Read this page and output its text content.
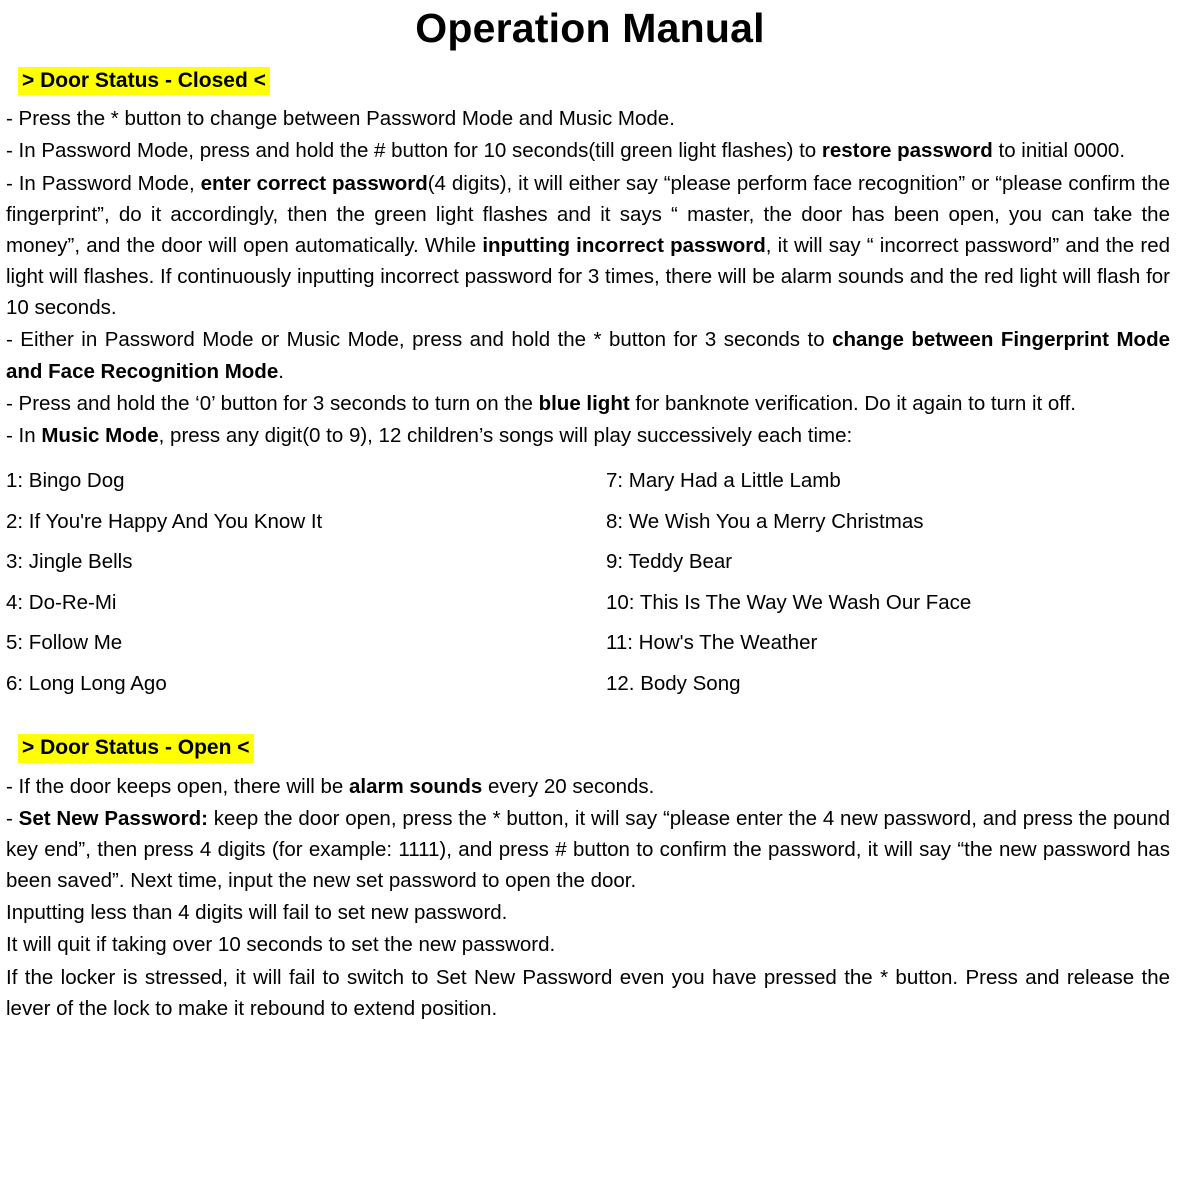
Operation Manual
> Door Status - Closed <

- Press the * button to change between Password Mode and Music Mode.

- In Password Mode, press and hold the # button for 10 seconds(till green light flashes) to restore password to initial 0000.

- In Password Mode, enter correct password(4 digits), it will either say “please perform face recognition” or “please confirm the fingerprint”, do it accordingly, then the green light flashes and it says “ master, the door has been open, you can take the money”, and the door will open automatically. While inputting incorrect password, it will say “ incorrect password” and the red light will flashes. If continuously inputting incorrect password for 3 times, there will be alarm sounds and the red light will flash for 10 seconds.

- Either in Password Mode or Music Mode, press and hold the * button for 3 seconds to change between Fingerprint Mode and Face Recognition Mode.

- Press and hold the ‘0’ button for 3 seconds to turn on the blue light for banknote verification. Do it again to turn it off.

- In Music Mode, press any digit(0 to 9), 12 children’s songs will play successively each time:

1: Bingo Dog
2: If You're Happy And You Know It
3: Jingle Bells
4: Do-Re-Mi
5: Follow Me
6: Long Long Ago
7: Mary Had a Little Lamb
8: We Wish You a Merry Christmas
9: Teddy Bear
10: This Is The Way We Wash Our Face
11: How's The Weather
12. Body Song
> Door Status - Open <

- If the door keeps open, there will be alarm sounds every 20 seconds.

- Set New Password: keep the door open, press the * button, it will say “please enter the 4 new password, and press the pound key end”, then press 4 digits (for example: 1111), and press # button to confirm the password, it will say “the new password has been saved”. Next time, input the new set password to open the door.

Inputting less than 4 digits will fail to set new password.

It will quit if taking over 10 seconds to set the new password.

If the locker is stressed, it will fail to switch to Set New Password even you have pressed the * button. Press and release the lever of the lock to make it rebound to extend position.
